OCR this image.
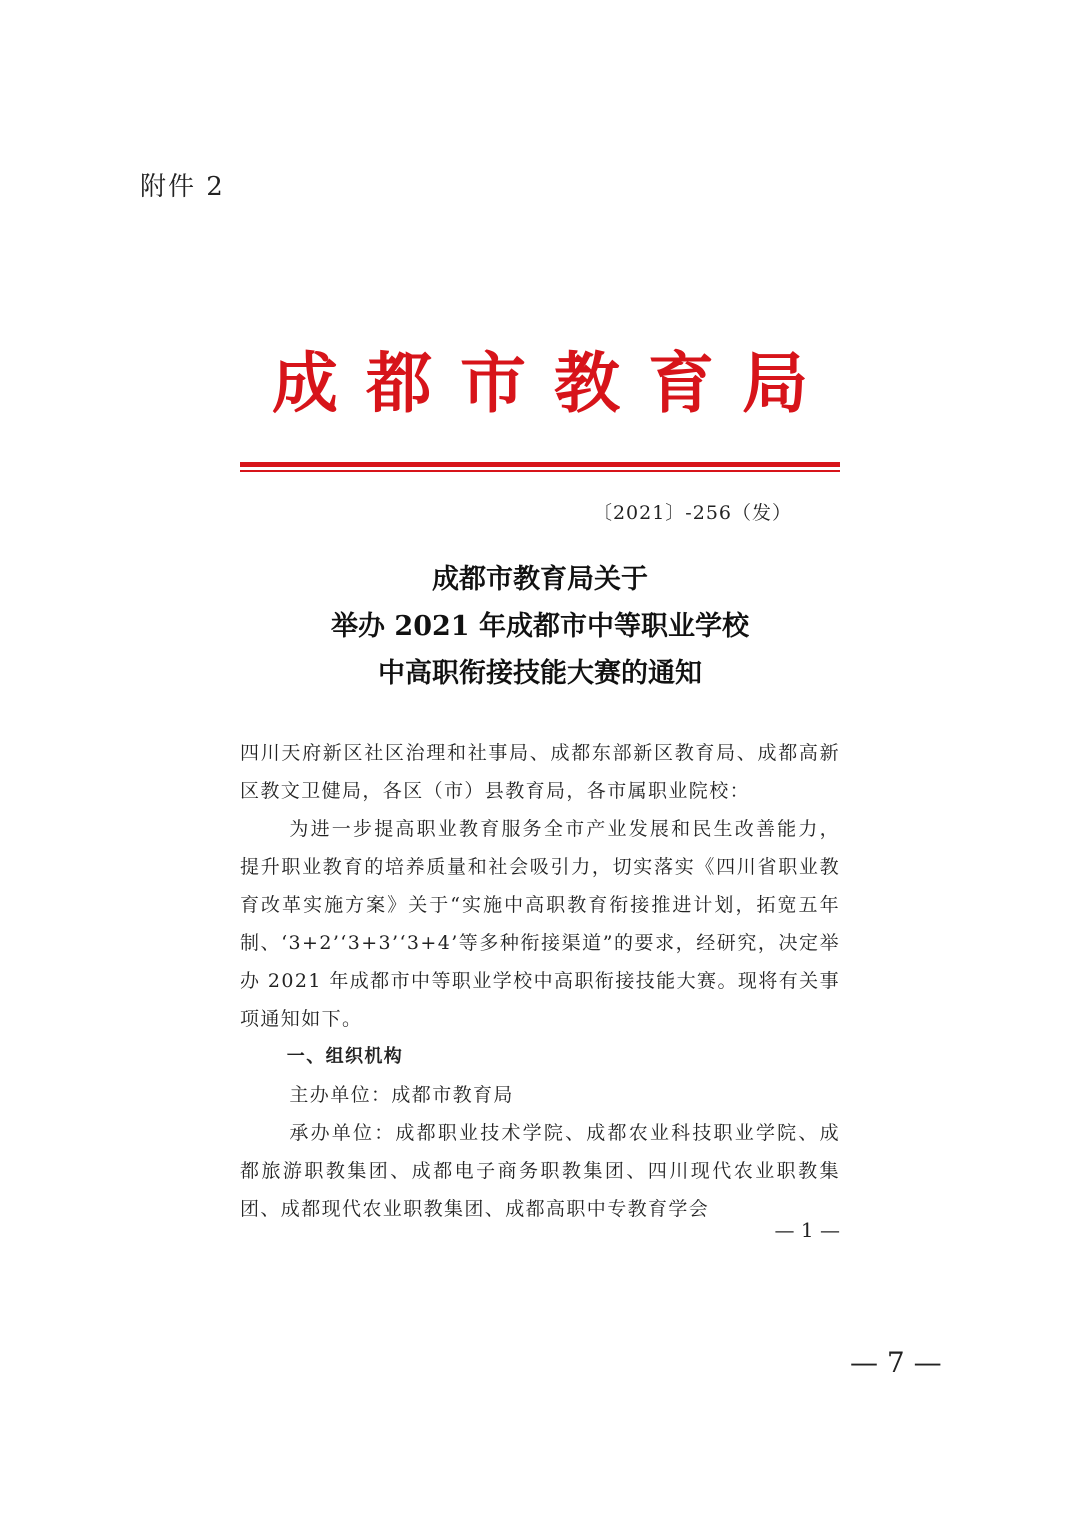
附件 2
成都市教育局
〔2021〕-256（发）
成都市教育局关于
举办 2021 年成都市中等职业学校
中高职衔接技能大赛的通知

四川天府新区社区治理和社事局、成都东部新区教育局、成都高新区教文卫健局，各区（市）县教育局，各市属职业院校：

为进一步提高职业教育服务全市产业发展和民生改善能力，提升职业教育的培养质量和社会吸引力，切实落实《四川省职业教育改革实施方案》关于“实施中高职教育衔接推进计划，拓宽五年制、‘3+2’‘3+3’‘3+4’等多种衔接渠道”的要求，经研究，决定举办 2021 年成都市中等职业学校中高职衔接技能大赛。现将有关事项通知如下。

一、组织机构

主办单位：成都市教育局

承办单位：成都职业技术学院、成都农业科技职业学院、成都旅游职教集团、成都电子商务职教集团、四川现代农业职教集团、成都现代农业职教集团、成都高职中专教育学会

— 1 —
— 7 —
